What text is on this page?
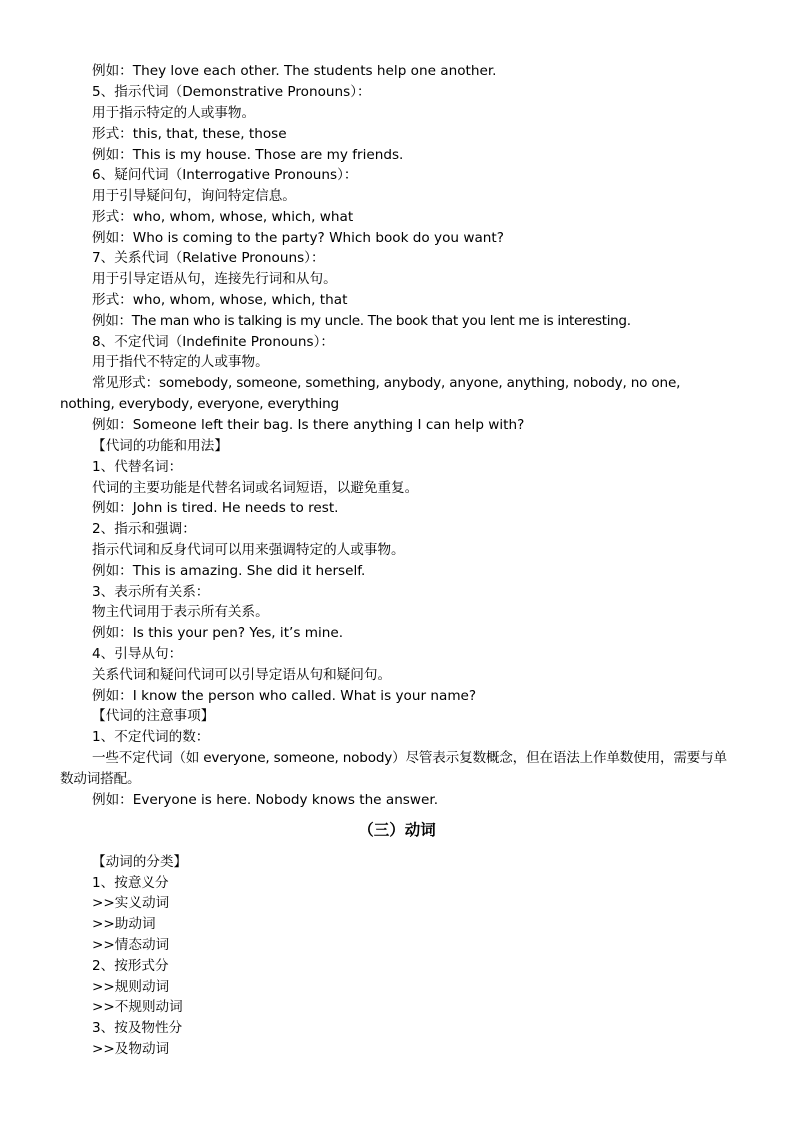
例如：They love each other. The students help one another.
5、指示代词（Demonstrative Pronouns）：
用于指示特定的人或事物。
形式：this, that, these, those
例如：This is my house. Those are my friends.
6、疑问代词（Interrogative Pronouns）：
用于引导疑问句，询问特定信息。
形式：who, whom, whose, which, what
例如：Who is coming to the party? Which book do you want?
7、关系代词（Relative Pronouns）：
用于引导定语从句，连接先行词和从句。
形式：who, whom, whose, which, that
例如：The man who is talking is my uncle. The book that you lent me is interesting.
8、不定代词（Indefinite Pronouns）：
用于指代不特定的人或事物。
常见形式：somebody, someone, something, anybody, anyone, anything, nobody, no one, nothing, everybody, everyone, everything
例如：Someone left their bag. Is there anything I can help with?
【代词的功能和用法】
1、代替名词：
代词的主要功能是代替名词或名词短语，以避免重复。
例如：John is tired. He needs to rest.
2、指示和强调：
指示代词和反身代词可以用来强调特定的人或事物。
例如：This is amazing. She did it herself.
3、表示所有关系：
物主代词用于表示所有关系。
例如：Is this your pen? Yes, it’s mine.
4、引导从句：
关系代词和疑问代词可以引导定语从句和疑问句。
例如：I know the person who called. What is your name?
【代词的注意事项】
1、不定代词的数：
一些不定代词（如 everyone, someone, nobody）尽管表示复数概念，但在语法上作单数使用，需要与单数动词搭配。
例如：Everyone is here. Nobody knows the answer.
（三）动词
【动词的分类】
1、按意义分
>>实义动词
>>助动词
>>情态动词
2、按形式分
>>规则动词
>>不规则动词
3、按及物性分
>>及物动词
